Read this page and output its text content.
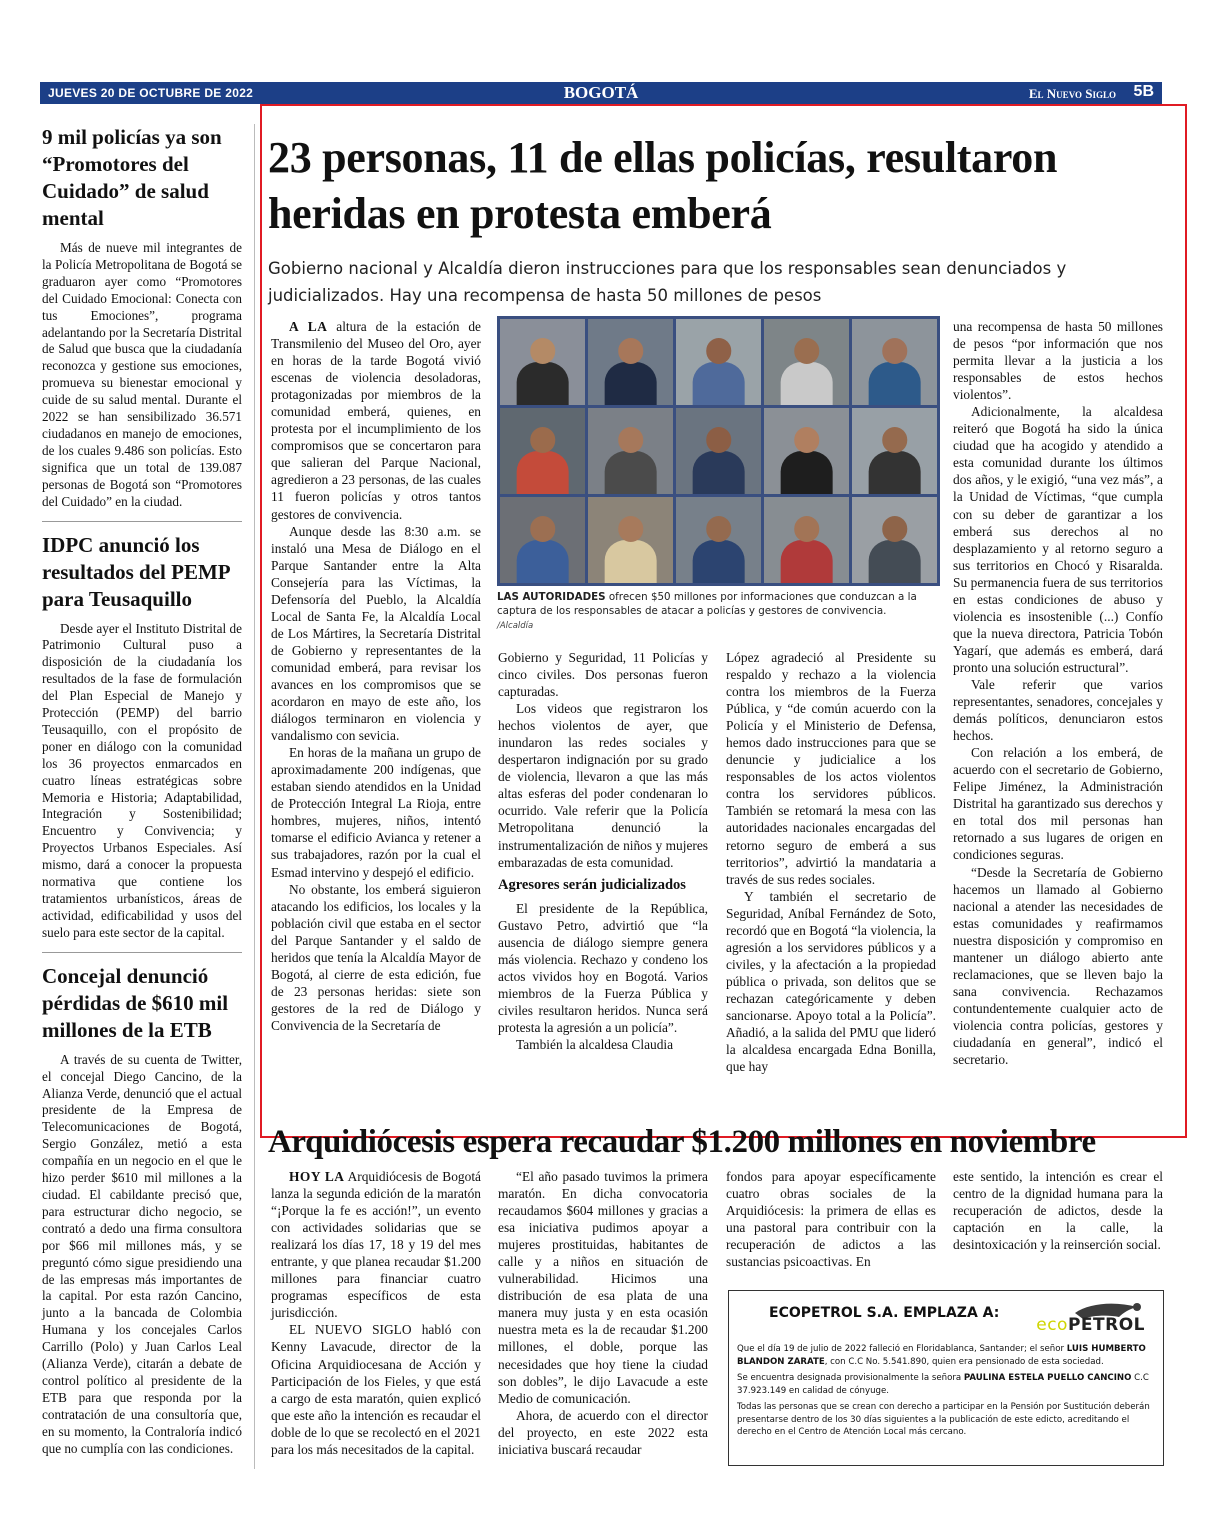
JUEVES 20 DE OCTUBRE DE 2022	BOGOTÁ	El Nuevo Siglo 5B
9 mil policías ya son “Promotores del Cuidado” de salud mental

Más de nueve mil integrantes de la Policía Metropolitana de Bogotá se graduaron ayer como “Promotores del Cuidado Emocional: Conecta con tus Emociones”, programa adelantando por la Secretaría Distrital de Salud que busca que la ciudadanía reconozca y gestione sus emociones, promueva su bienestar emocional y cuide de su salud mental. Durante el 2022 se han sensibilizado 36.571 ciudadanos en manejo de emociones, de los cuales 9.486 son policías. Esto significa que un total de 139.087 personas de Bogotá son “Promotores del Cuidado” en la ciudad.

IDPC anunció los resultados del PEMP para Teusaquillo

Desde ayer el Instituto Distrital de Patrimonio Cultural puso a disposición de la ciudadanía los resultados de la fase de formulación del Plan Especial de Manejo y Protección (PEMP) del barrio Teusaquillo, con el propósito de poner en diálogo con la comunidad los 36 proyectos enmarcados en cuatro líneas estratégicas sobre Memoria e Historia; Adaptabilidad, Integración y Sostenibilidad; Encuentro y Convivencia; y Proyectos Urbanos Especiales. Así mismo, dará a conocer la propuesta normativa que contiene los tratamientos urbanísticos, áreas de actividad, edificabilidad y usos del suelo para este sector de la capital.

Concejal denunció pérdidas de $610 mil millones de la ETB

A través de su cuenta de Twitter, el concejal Diego Cancino, de la Alianza Verde, denunció que el actual presidente de la Empresa de Telecomunicaciones de Bogotá, Sergio González, metió a esta compañía en un negocio en el que le hizo perder $610 mil millones a la ciudad. El cabildante precisó que, para estructurar dicho negocio, se contrató a dedo una firma consultora por $66 mil millones más, y se preguntó cómo sigue presidiendo una de las empresas más importantes de la capital. Por esta razón Cancino, junto a la bancada de Colombia Humana y los concejales Carlos Carrillo (Polo) y Juan Carlos Leal (Alianza Verde), citarán a debate de control político al presidente de la ETB para que responda por la contratación de una consultoría que, en su momento, la Contraloría indicó que no cumplía con las condiciones.

23 personas, 11 de ellas policías, resultaron heridas en protesta emberá
Gobierno nacional y Alcaldía dieron instrucciones para que los responsables sean denunciados y judicializados. Hay una recompensa de hasta 50 millones de pesos

A LA altura de la estación de Transmilenio del Museo del Oro, ayer en horas de la tarde Bogotá vivió escenas de violencia desoladoras, protagonizadas por miembros de la comunidad emberá, quienes, en protesta por el incumplimiento de los compromisos que se concertaron para que salieran del Parque Nacional, agredieron a 23 personas, de las cuales 11 fueron policías y otros tantos gestores de convivencia.

Aunque desde las 8:30 a.m. se instaló una Mesa de Diálogo en el Parque Santander entre la Alta Consejería para las Víctimas, la Defensoría del Pueblo, la Alcaldía Local de Santa Fe, la Alcaldía Local de Los Mártires, la Secretaría Distrital de Gobierno y representantes de la comunidad emberá, para revisar los avances en los compromisos que se acordaron en mayo de este año, los diálogos terminaron en violencia y vandalismo con sevicia.

En horas de la mañana un grupo de aproximadamente 200 indígenas, que estaban siendo atendidos en la Unidad de Protección Integral La Rioja, entre hombres, mujeres, niños, intentó tomarse el edificio Avianca y retener a sus trabajadores, razón por la cual el Esmad intervino y despejó el edificio.

No obstante, los emberá siguieron atacando los edificios, los locales y la población civil que estaba en el sector del Parque Santander y el saldo de heridos que tenía la Alcaldía Mayor de Bogotá, al cierre de esta edición, fue de 23 personas heridas: siete son gestores de la red de Diálogo y Convivencia de la Secretaría de

LAS AUTORIDADES ofrecen $50 millones por informaciones que conduzcan a la captura de los responsables de atacar a policías y gestores de convivencia.
/Alcaldía

Gobierno y Seguridad, 11 Policías y cinco civiles. Dos personas fueron capturadas.

Los videos que registraron los hechos violentos de ayer, que inundaron las redes sociales y despertaron indignación por su grado de violencia, llevaron a que las más altas esferas del poder condenaran lo ocurrido. Vale referir que la Policía Metropolitana denunció la instrumentalización de niños y mujeres embarazadas de esta comunidad.

Agresores serán judicializados

El presidente de la República, Gustavo Petro, advirtió que “la ausencia de diálogo siempre genera más violencia. Rechazo y condeno los actos vividos hoy en Bogotá. Varios miembros de la Fuerza Pública y civiles resultaron heridos. Nunca será protesta la agresión a un policía”.

También la alcaldesa Claudia

López agradeció al Presidente su respaldo y rechazo a la violencia contra los miembros de la Fuerza Pública, y “de común acuerdo con la Policía y el Ministerio de Defensa, hemos dado instrucciones para que se denuncie y judicialice a los responsables de los actos violentos contra los servidores públicos. También se retomará la mesa con las autoridades nacionales encargadas del retorno seguro de emberá a sus territorios”, advirtió la mandataria a través de sus redes sociales.

Y también el secretario de Seguridad, Aníbal Fernández de Soto, recordó que en Bogotá “la violencia, la agresión a los servidores públicos y a civiles, y la afectación a la propiedad pública o privada, son delitos que se rechazan categóricamente y deben sancionarse. Apoyo total a la Policía”. Añadió, a la salida del PMU que lideró la alcaldesa encargada Edna Bonilla, que hay

una recompensa de hasta 50 millones de pesos “por información que nos permita llevar a la justicia a los responsables de estos hechos violentos”.

Adicionalmente, la alcaldesa reiteró que Bogotá ha sido la única ciudad que ha acogido y atendido a esta comunidad durante los últimos dos años, y le exigió, “una vez más”, a la Unidad de Víctimas, “que cumpla con su deber de garantizar a los emberá sus derechos al no desplazamiento y al retorno seguro a sus territorios en Chocó y Risaralda. Su permanencia fuera de sus territorios en estas condiciones de abuso y violencia es insostenible (...) Confío que la nueva directora, Patricia Tobón Yagarí, que además es emberá, dará pronto una solución estructural”.

Vale referir que varios representantes, senadores, concejales y demás políticos, denunciaron estos hechos.

Con relación a los emberá, de acuerdo con el secretario de Gobierno, Felipe Jiménez, la Administración Distrital ha garantizado sus derechos y en total dos mil personas han retornado a sus lugares de origen en condiciones seguras.

“Desde la Secretaría de Gobierno hacemos un llamado al Gobierno nacional a atender las necesidades de estas comunidades y reafirmamos nuestra disposición y compromiso en mantener un diálogo abierto ante reclamaciones, que se lleven bajo la sana convivencia. Rechazamos contundentemente cualquier acto de violencia contra policías, gestores y ciudadanía en general”, indicó el secretario.

Arquidiócesis espera recaudar $1.200 millones en noviembre

HOY LA Arquidiócesis de Bogotá lanza la segunda edición de la maratón “¡Porque la fe es acción!”, un evento con actividades solidarias que se realizará los días 17, 18 y 19 del mes entrante, y que planea recaudar $1.200 millones para financiar cuatro programas específicos de esta jurisdicción.

EL NUEVO SIGLO habló con Kenny Lavacude, director de la Oficina Arquidiocesana de Acción y Participación de los Fieles, y que está a cargo de esta maratón, quien explicó que este año la intención es recaudar el doble de lo que se recolectó en el 2021 para los más necesitados de la capital.

“El año pasado tuvimos la primera maratón. En dicha convocatoria recaudamos $604 millones y gracias a esa iniciativa pudimos apoyar a mujeres prostituidas, habitantes de calle y a niños en situación de vulnerabilidad. Hicimos una distribución de esa plata de una manera muy justa y en esta ocasión nuestra meta es la de recaudar $1.200 millones, el doble, porque las necesidades que hoy tiene la ciudad son dobles”, le dijo Lavacude a este Medio de comunicación.

Ahora, de acuerdo con el director del proyecto, en este 2022 esta iniciativa buscará recaudar

fondos para apoyar específicamente cuatro obras sociales de la Arquidiócesis: la primera de ellas es una pastoral para contribuir con la recuperación de adictos a las sustancias psicoactivas. En

este sentido, la intención es crear el centro de la dignidad humana para la recuperación de adictos, desde la captación en la calle, la desintoxicación y la reinserción social.

ECOPETROL S.A. EMPLAZA A:
ecoPETROL

Que el día 19 de julio de 2022 falleció en Floridablanca, Santander; el señor LUIS HUMBERTO BLANDON ZARATE, con C.C No. 5.541.890, quien era pensionado de esta sociedad.

Se encuentra designada provisionalmente la señora PAULINA ESTELA PUELLO CANCINO C.C 37.923.149 en calidad de cónyuge.

Todas las personas que se crean con derecho a participar en la Pensión por Sustitución deberán presentarse dentro de los 30 días siguientes a la publicación de este edicto, acreditando el derecho en el Centro de Atención Local más cercano.
